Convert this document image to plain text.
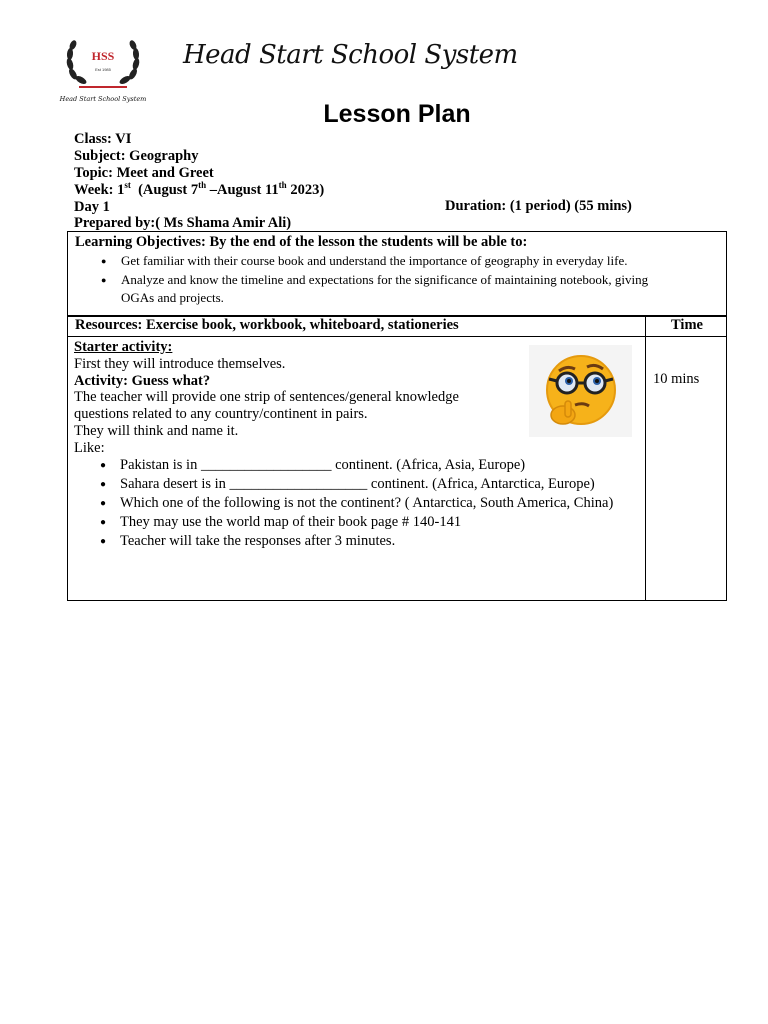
HSS
Est 1985
Head Start School System
Head Start School System
Lesson Plan
Class: VI
Subject: Geography
Topic: Meet and Greet
Week: 1st  (August 7th –August 11th 2023)
Day 1	Duration: (1 period) (55 mins)
Prepared by:( Ms Shama Amir Ali)
Learning Objectives: By the end of the lesson the students will be able to:
● Get familiar with their course book and understand the importance of geography in everyday life.
● Analyze and know the timeline and expectations for the significance of maintaining notebook, giving OGAs and projects.
Resources: Exercise book, workbook, whiteboard, stationeries	Time
Starter activity:
First they will introduce themselves.
Activity: Guess what?
The teacher will provide one strip of sentences/general knowledge
questions related to any country/continent in pairs.
They will think and name it.
Like:
● Pakistan is in __________________ continent. (Africa, Asia, Europe)
● Sahara desert is in ___________________ continent. (Africa, Antarctica, Europe)
● Which one of the following is not the continent? ( Antarctica, South America, China)
● They may use the world map of their book page # 140-141
● Teacher will take the responses after 3 minutes.
10 mins
